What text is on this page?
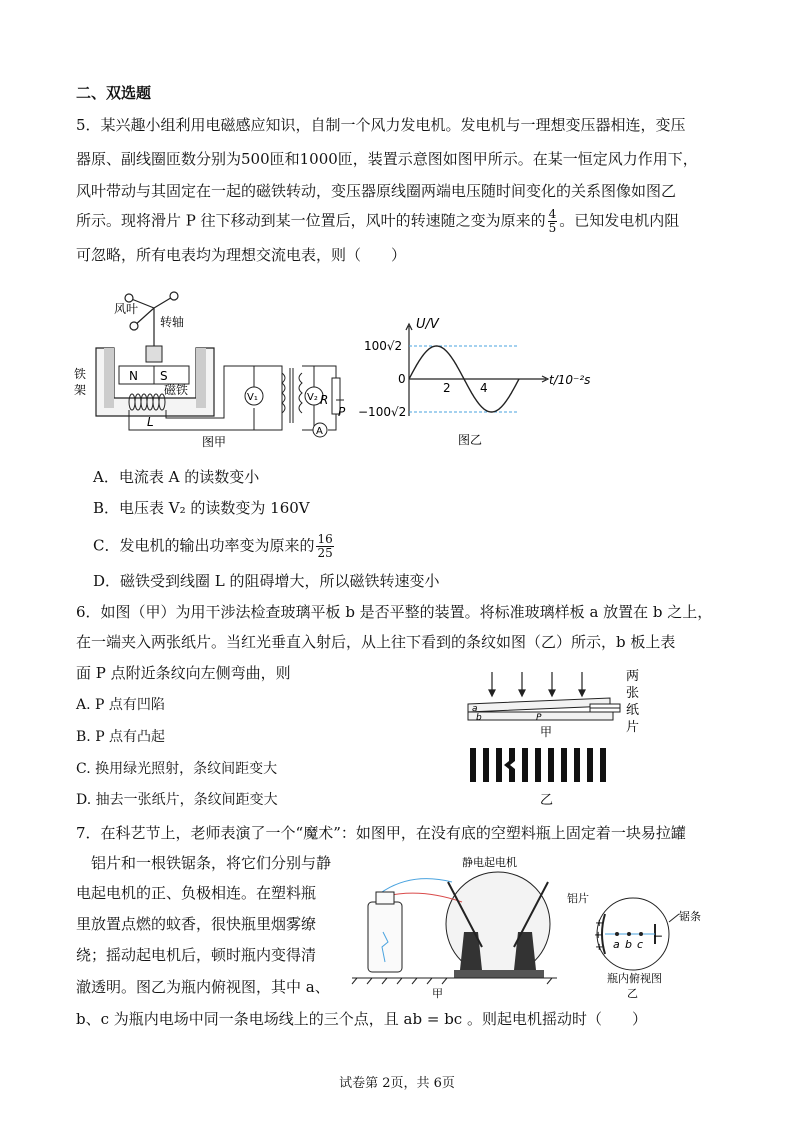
二、双选题
5．某兴趣小组利用电磁感应知识，自制一个风力发电机。发电机与一理想变压器相连，变压
器原、副线圈匝数分别为500匝和1000匝，装置示意图如图甲所示。在某一恒定风力作用下，
风叶带动与其固定在一起的磁铁转动，变压器原线圈两端电压随时间变化的关系图像如图乙
所示。现将滑片 P 往下移动到某一位置后，风叶的转速随之变为原来的 $\frac{4}{5}$ 。已知发电机内阻
可忽略，所有电表均为理想交流电表，则（　　）
风叶
转轴
N S
铁
架	磁铁
L
V₁	V₂ R
P
A
图甲
U/V
100√2
0
−100√2
2 4
t/10⁻²s
图乙
A．电流表 A 的读数变小
B．电压表 V₂ 的读数变为 160V
C．发电机的输出功率变为原来的 $\frac{16}{25}$
D．磁铁受到线圈 L 的阻碍增大，所以磁铁转速变小
6．如图（甲）为用干涉法检查玻璃平板 b 是否平整的装置。将标准玻璃样板 a 放置在 b 之上，
在一端夹入两张纸片。当红光垂直入射后，从上往下看到的条纹如图（乙）所示，b 板上表
面 P 点附近条纹向左侧弯曲，则
A. P 点有凹陷
B. P 点有凸起
C. 换用绿光照射，条纹间距变大
D. 抽去一张纸片，条纹间距变大
a
b	P
两
张
纸
片
甲
乙
7．在科艺节上，老师表演了一个“魔术”：如图甲，在没有底的空塑料瓶上固定着一块易拉罐
铝片和一根铁锯条，将它们分别与静
电起电机的正、负极相连。在塑料瓶
里放置点燃的蚊香，很快瓶里烟雾缭
绕；摇动起电机后，顿时瓶内变得清
澈透明。图乙为瓶内俯视图，其中 a、
b、c 为瓶内电场中同一条电场线上的三个点，且 ab = bc 。则起电机摇动时（　　）
静电起电机
甲
铝片
锯条
+
+
+ a b c
−
瓶内俯视图
乙
试卷第 2页，共 6页
